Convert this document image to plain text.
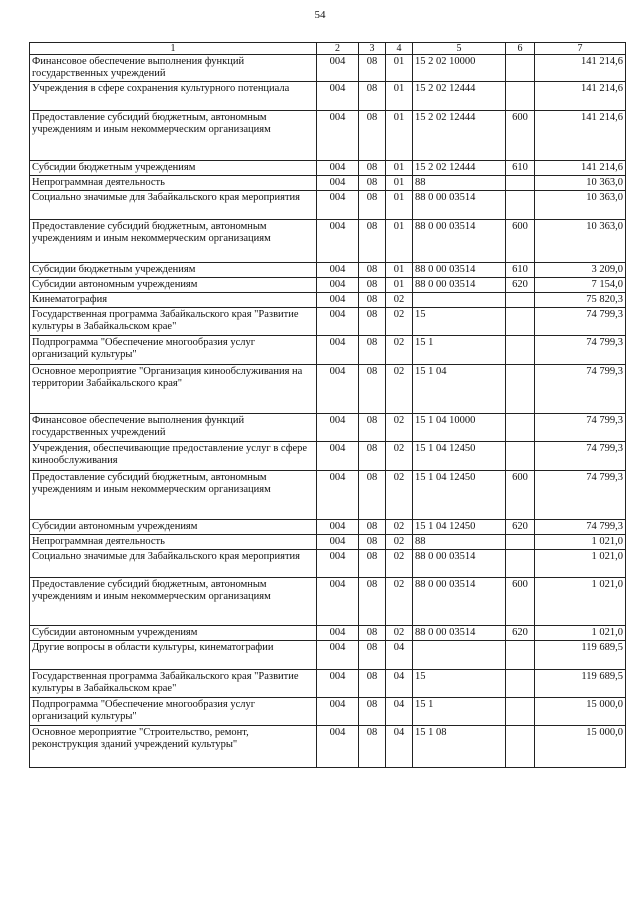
54
1	2	3	4	5	6	7
Финансовое обеспечение выполнения функций государственных учреждений	004	08	01	15 2 02 10000		141 214,6
Учреждения в сфере сохранения культурного потенциала	004	08	01	15 2 02 12444		141 214,6
Предоставление субсидий бюджетным, автономным учреждениям и иным некоммерческим организациям	004	08	01	15 2 02 12444	600	141 214,6
Субсидии бюджетным учреждениям	004	08	01	15 2 02 12444	610	141 214,6
Непрограммная деятельность	004	08	01	88		10 363,0
Социально значимые для Забайкальского края мероприятия	004	08	01	88 0 00 03514		10 363,0
Предоставление субсидий бюджетным, автономным учреждениям и иным некоммерческим организациям	004	08	01	88 0 00 03514	600	10 363,0
Субсидии бюджетным учреждениям	004	08	01	88 0 00 03514	610	3 209,0
Субсидии автономным учреждениям	004	08	01	88 0 00 03514	620	7 154,0
Кинематография	004	08	02			75 820,3
Государственная программа Забайкальского края "Развитие культуры в Забайкальском крае"	004	08	02	15		74 799,3
Подпрограмма "Обеспечение многообразия услуг организаций культуры"	004	08	02	15 1		74 799,3
Основное мероприятие "Организация кинообслуживания на территории Забайкальского края"	004	08	02	15 1 04		74 799,3
Финансовое обеспечение выполнения функций государственных учреждений	004	08	02	15 1 04 10000		74 799,3
Учреждения, обеспечивающие предоставление услуг в сфере кинообслуживания	004	08	02	15 1 04 12450		74 799,3
Предоставление субсидий бюджетным, автономным учреждениям и иным некоммерческим организациям	004	08	02	15 1 04 12450	600	74 799,3
Субсидии автономным учреждениям	004	08	02	15 1 04 12450	620	74 799,3
Непрограммная деятельность	004	08	02	88		1 021,0
Социально значимые для Забайкальского края мероприятия	004	08	02	88 0 00 03514		1 021,0
Предоставление субсидий бюджетным, автономным учреждениям и иным некоммерческим организациям	004	08	02	88 0 00 03514	600	1 021,0
Субсидии автономным учреждениям	004	08	02	88 0 00 03514	620	1 021,0
Другие вопросы в области культуры, кинематографии	004	08	04			119 689,5
Государственная программа Забайкальского края "Развитие культуры в Забайкальском крае"	004	08	04	15		119 689,5
Подпрограмма "Обеспечение многообразия услуг организаций культуры"	004	08	04	15 1		15 000,0
Основное мероприятие "Строительство, ремонт, реконструкция зданий учреждений культуры"	004	08	04	15 1 08		15 000,0
